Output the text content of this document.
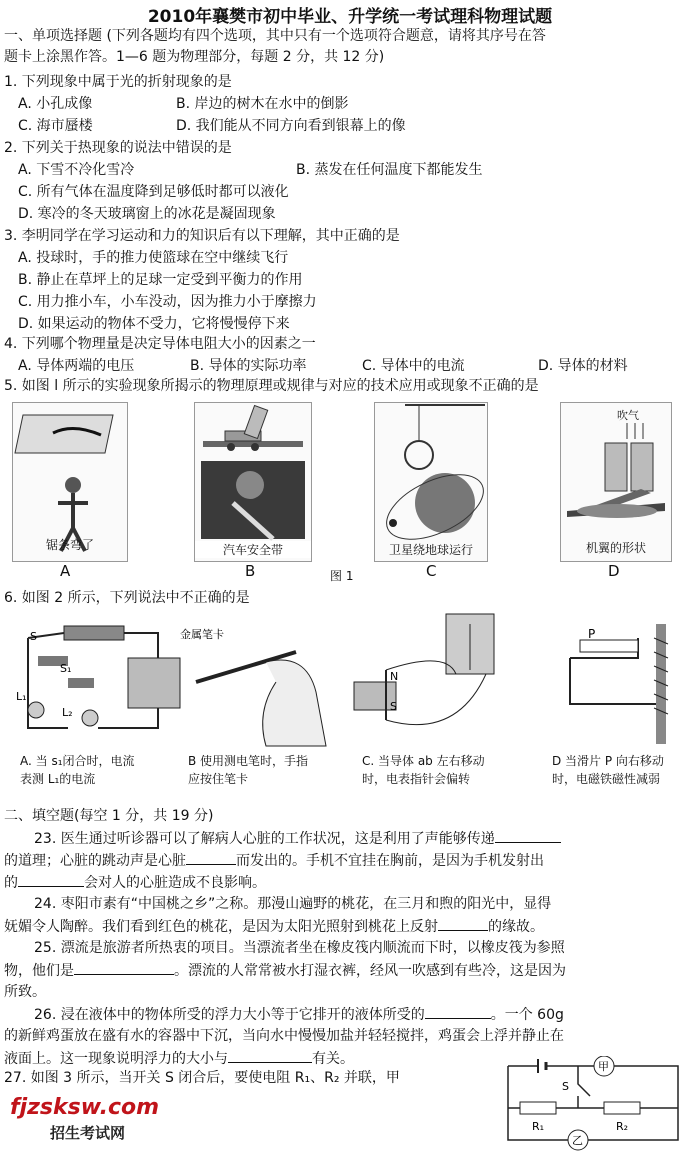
2010年襄樊市初中毕业、升学统一考试理科物理试题
一、单项选择题 (下列各题均有四个选项，其中只有一个选项符合题意，请将其序号在答
题卡上涂黑作答。1—6 题为物理部分，每题 2 分，共 12 分)
1. 下列现象中属于光的折射现象的是
A. 小孔成像	B. 岸边的树木在水中的倒影
C. 海市蜃楼	D. 我们能从不同方向看到银幕上的像
2. 下列关于热现象的说法中错误的是
A. 下雪不冷化雪冷	B. 蒸发在任何温度下都能发生
C. 所有气体在温度降到足够低时都可以液化
D. 寒冷的冬天玻璃窗上的冰花是凝固现象
3. 李明同学在学习运动和力的知识后有以下理解，其中正确的是
A. 投球时，手的推力使篮球在空中继续飞行
B. 静止在草坪上的足球一定受到平衡力的作用
C. 用力推小车，小车没动，因为推力小于摩擦力
D. 如果运动的物体不受力，它将慢慢停下来
4. 下列哪个物理量是决定导体电阻大小的因素之一
A. 导体两端的电压	B. 导体的实际功率	C. 导体中的电流	D. 导体的材料
5. 如图 l 所示的实验现象所揭示的物理原理或规律与对应的技术应用或现象不正确的是
锯条弯了
A
汽车安全带
B
卫星绕地球运行
图 1	C
吹气
机翼的形状
D
6. 如图 2 所示，下列说法中不正确的是
S
S₁
L₁
L₂
金属笔卡
N
S
P
A. 当 s₁闭合时，电流
表测 L₁的电流
B 使用测电笔时，手指
应按住笔卡
C. 当导体 ab 左右移动
时，电表指针会偏转
D 当滑片 P 向右移动
时，电磁铁磁性减弱
二、填空题(每空 1 分，共 19 分)
23. 医生通过听诊器可以了解病人心脏的工作状况，这是利用了声能够传递
的道理；心脏的跳动声是心脏	而发出的。手机不宜挂在胸前，是因为手机发射出
的	会对人的心脏造成不良影响。
24. 枣阳市素有“中国桃之乡”之称。那漫山遍野的桃花，在三月和煦的阳光中，显得
妩媚令人陶醉。我们看到红色的桃花，是因为太阳光照射到桃花上反射	的缘故。
25. 漂流是旅游者所热衷的项目。当漂流者坐在橡皮筏内顺流而下时，以橡皮筏为参照
物，他们是	。漂流的人常常被水打湿衣裤，经风一吹感到有些冷，这是因为
所致。
26. 浸在液体中的物体所受的浮力大小等于它排开的液体所受的	。一个 60g
的新鲜鸡蛋放在盛有水的容器中下沉，当向水中慢慢加盐并轻轻搅拌，鸡蛋会上浮并静止在
液面上。这一现象说明浮力的大小与	有关。
27. 如图 3 所示，当开关 S 闭合后，要使电阻 R₁、R₂ 并联，甲
甲
S
R₁	R₂
乙
fjzsksw.com
招生考试网
